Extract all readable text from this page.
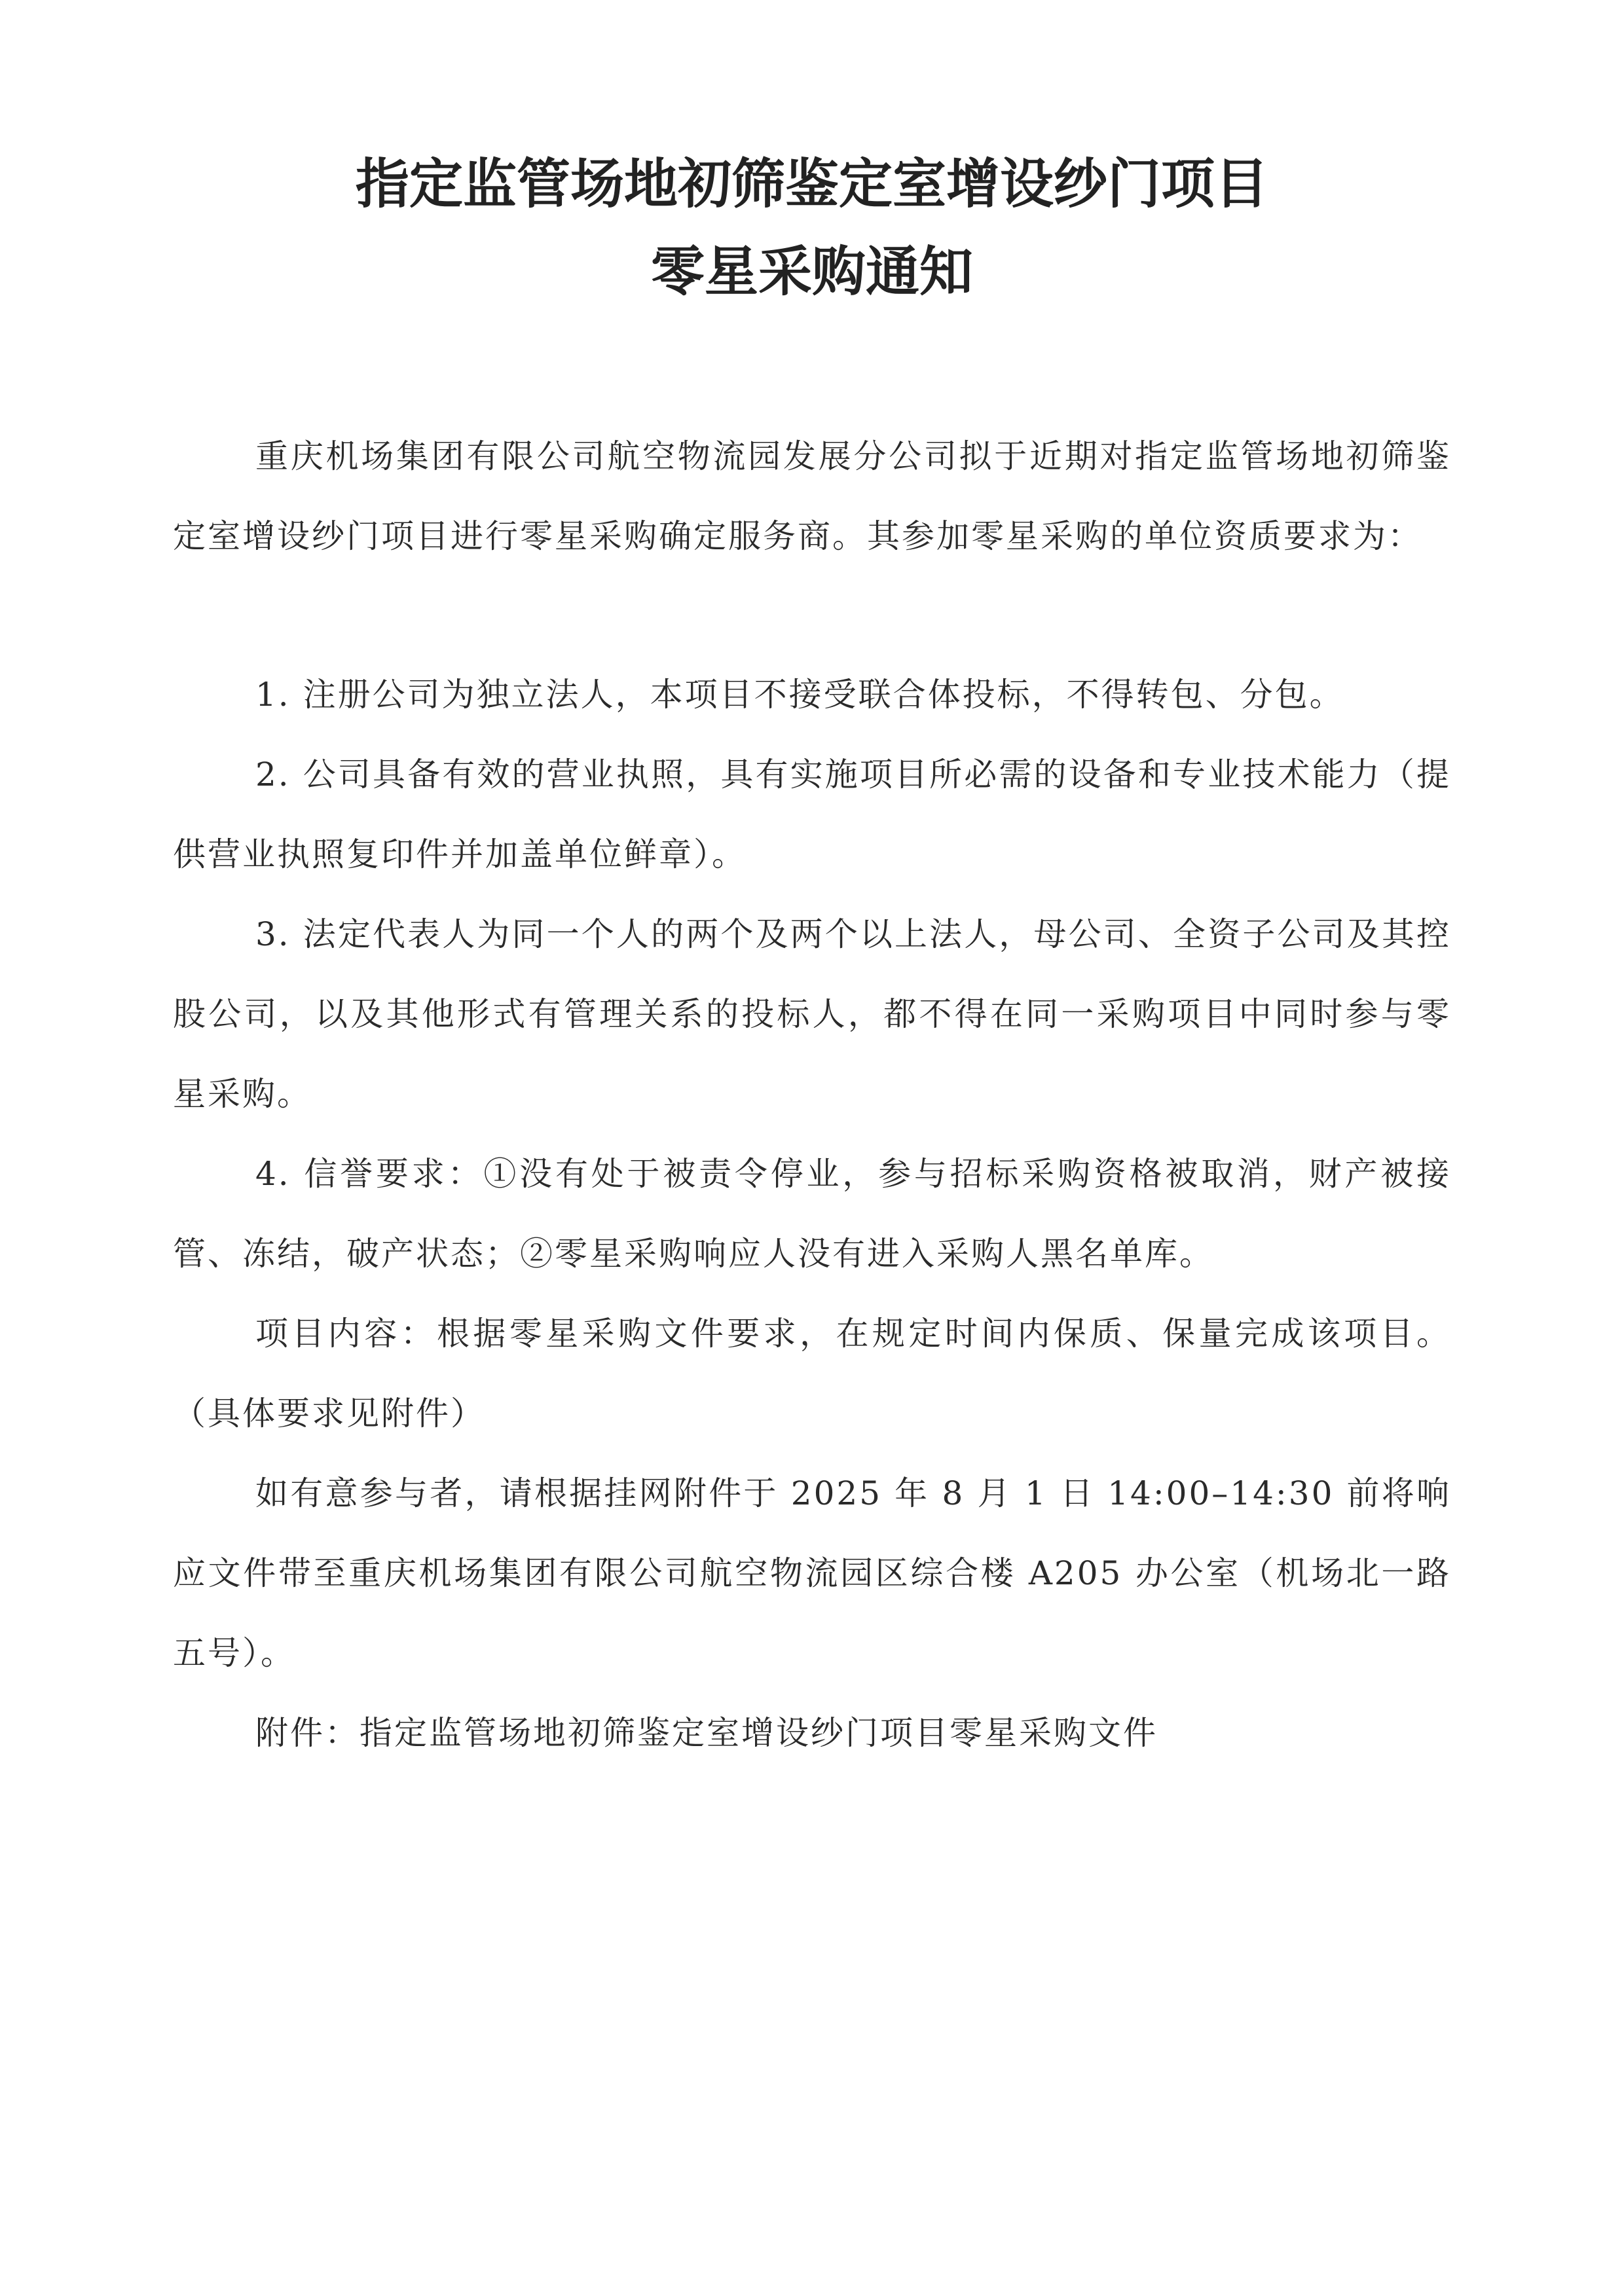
指定监管场地初筛鉴定室增设纱门项目
零星采购通知

重庆机场集团有限公司航空物流园发展分公司拟于近期对指定监管场地初筛鉴定室增设纱门项目进行零星采购确定服务商。其参加零星采购的单位资质要求为：

1. 注册公司为独立法人，本项目不接受联合体投标，不得转包、分包。

2. 公司具备有效的营业执照，具有实施项目所必需的设备和专业技术能力（提供营业执照复印件并加盖单位鲜章）。

3. 法定代表人为同一个人的两个及两个以上法人，母公司、全资子公司及其控股公司，以及其他形式有管理关系的投标人，都不得在同一采购项目中同时参与零星采购。

4. 信誉要求：①没有处于被责令停业，参与招标采购资格被取消，财产被接管、冻结，破产状态；②零星采购响应人没有进入采购人黑名单库。

项目内容：根据零星采购文件要求，在规定时间内保质、保量完成该项目。（具体要求见附件）

如有意参与者，请根据挂网附件于 2025 年 8 月 1 日 14:00–14:30 前将响应文件带至重庆机场集团有限公司航空物流园区综合楼 A205 办公室（机场北一路五号）。

附件：指定监管场地初筛鉴定室增设纱门项目零星采购文件
